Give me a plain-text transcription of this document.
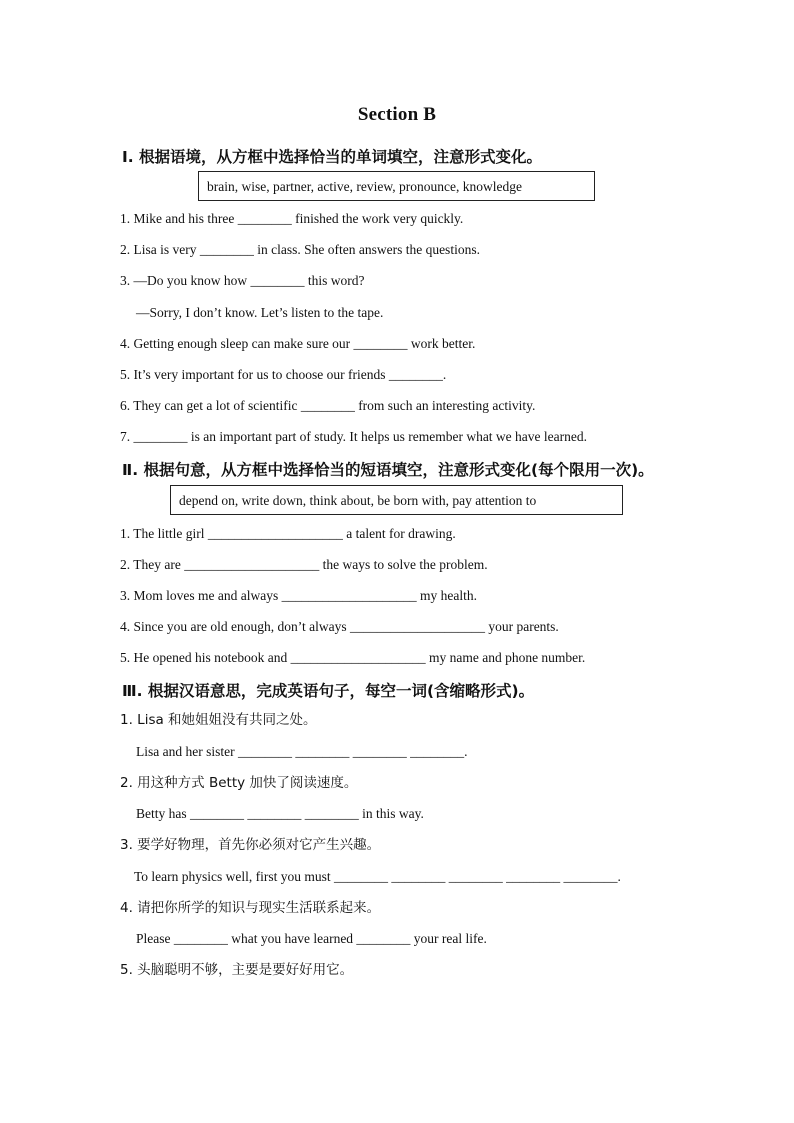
Section B
Ⅰ. 根据语境，从方框中选择恰当的单词填空，注意形式变化。
brain, wise, partner, active, review, pronounce, knowledge
1. Mike and his three ________ finished the work very quickly.
2. Lisa is very ________ in class. She often answers the questions.
3. —Do you know how ________ this word?
—Sorry, I don’t know. Let’s listen to the tape.
4. Getting enough sleep can make sure our ________ work better.
5. It’s very important for us to choose our friends ________.
6. They can get a lot of scientific ________ from such an interesting activity.
7. ________ is an important part of study. It helps us remember what we have learned.
Ⅱ. 根据句意，从方框中选择恰当的短语填空，注意形式变化(每个限用一次)。
depend on, write down, think about, be born with, pay attention to
1. The little girl ____________________ a talent for drawing.
2. They are ____________________ the ways to solve the problem.
3. Mom loves me and always ____________________ my health.
4. Since you are old enough, don’t always ____________________ your parents.
5. He opened his notebook and ____________________ my name and phone number.
Ⅲ. 根据汉语意思，完成英语句子，每空一词(含缩略形式)。
1. Lisa 和她姐姐没有共同之处。
Lisa and her sister ________ ________ ________ ________.
2. 用这种方式 Betty 加快了阅读速度。
Betty has ________ ________ ________ in this way.
3. 要学好物理，首先你必须对它产生兴趣。
To learn physics well, first you must ________ ________ ________ ________ ________.
4. 请把你所学的知识与现实生活联系起来。
Please ________ what you have learned ________ your real life.
5. 头脑聪明不够，主要是要好好用它。
